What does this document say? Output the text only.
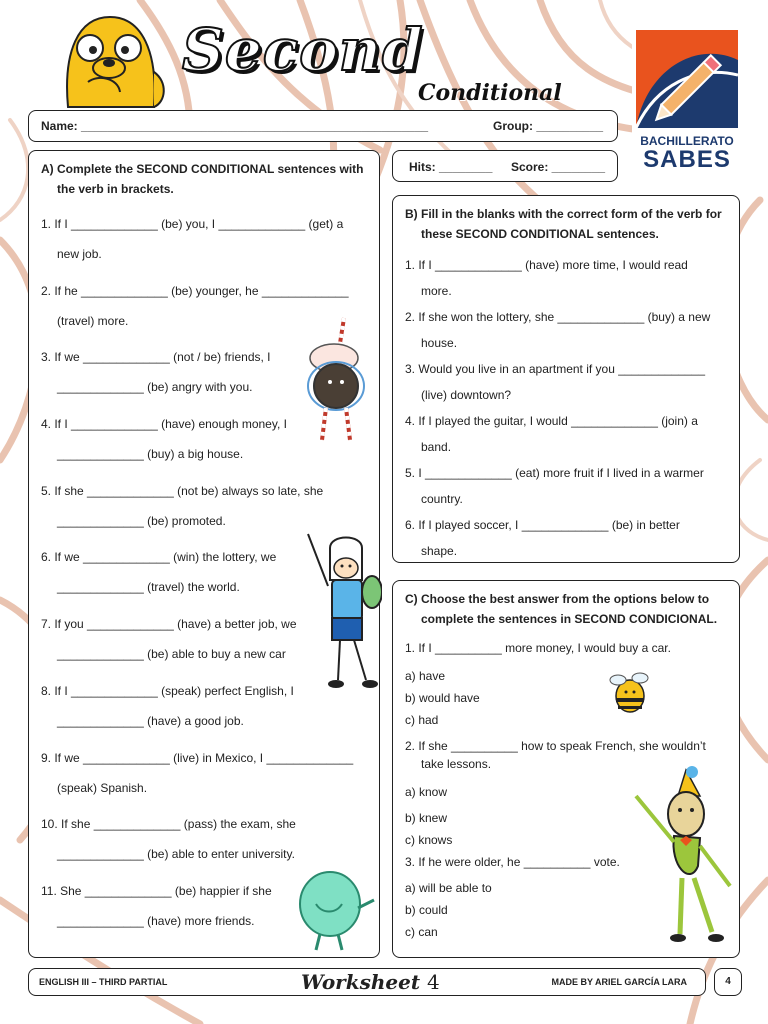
Second
Conditional
BACHILLERATO
SABES
Name: ____________________________________________________	Group: __________
Hits: ________ Score: ________
A) Complete the SECOND CONDITIONAL sentences with
the verb in brackets.
1. If I _____________ (be) you, I _____________ (get) a
new job.
2. If he _____________ (be) younger, he _____________
(travel) more.
3. If we _____________ (not / be) friends, I
_____________ (be) angry with you.
4. If I _____________ (have) enough money, I
_____________ (buy) a big house.
5. If she _____________ (not be) always so late, she
_____________ (be) promoted.
6. If we _____________ (win) the lottery, we
_____________ (travel) the world.
7. If you _____________ (have) a better job, we
_____________ (be) able to buy a new car
8. If I _____________ (speak) perfect English, I
_____________ (have) a good job.
9. If we _____________ (live) in Mexico, I _____________
(speak) Spanish.
10. If she _____________ (pass) the exam, she
_____________ (be) able to enter university.
11. She _____________ (be) happier if she
_____________ (have) more friends.
B) Fill in the blanks with the correct form of the verb for
these SECOND CONDITIONAL sentences.
1. If I _____________ (have) more time, I would read
more.
2. If she won the lottery, she _____________ (buy) a new
house.
3. Would you live in an apartment if you _____________
(live) downtown?
4. If I played the guitar, I would _____________ (join) a
band.
5. I _____________ (eat) more fruit if I lived in a warmer
country.
6. If I played soccer, I _____________ (be) in better
shape.
C) Choose the best answer from the options below to
complete the sentences in SECOND CONDICIONAL.
1. If I __________ more money, I would buy a car.
a) have
b) would have
c) had
2. If she __________ how to speak French, she wouldn’t
take lessons.
a) know
b) knew
c) knows
3. If he were older, he __________ vote.
a) will be able to
b) could
c) can
ENGLISH III – THIRD PARTIAL	Worksheet 4	MADE BY ARIEL GARCÍA LARA	4
